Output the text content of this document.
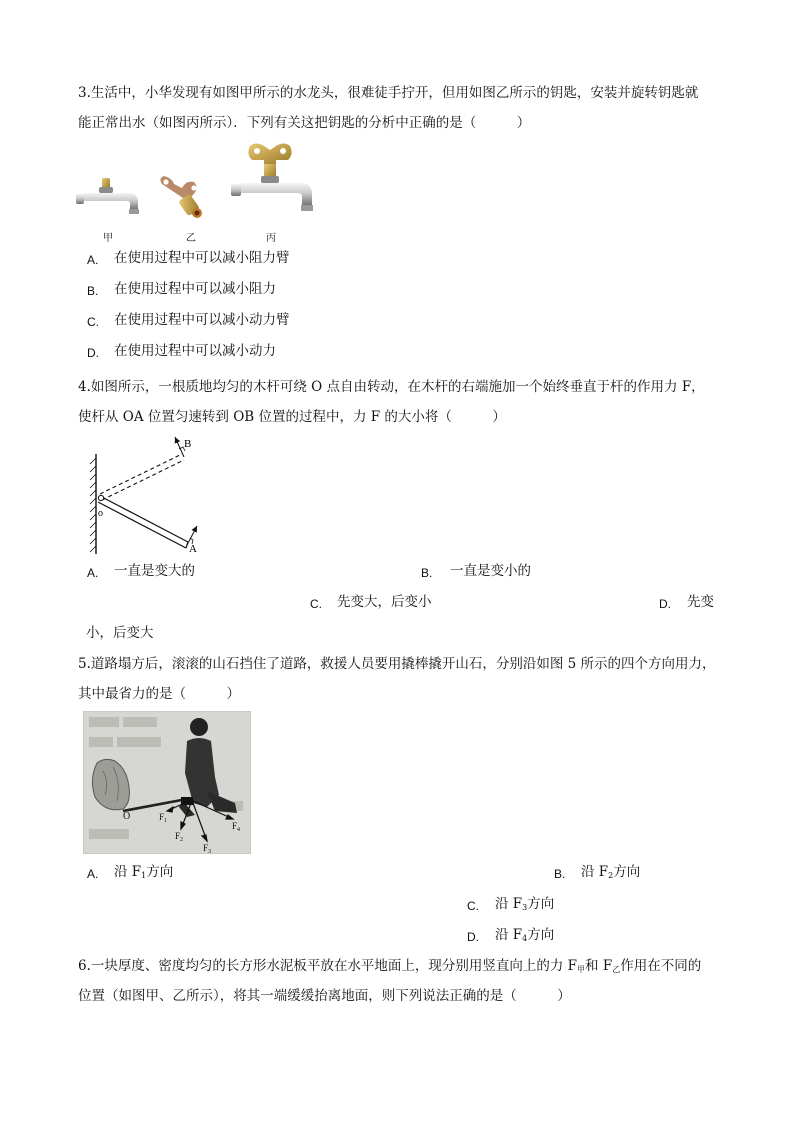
3.生活中，小华发现有如图甲所示的水龙头，很难徒手拧开，但用如图乙所示的钥匙，安装并旋转钥匙就
能正常出水（如图丙所示）．下列有关这把钥匙的分析中正确的是（　　　）
甲	乙	丙
A. 在使用过程中可以减小阻力臂
B. 在使用过程中可以减小阻力
C. 在使用过程中可以减小动力臂
D. 在使用过程中可以减小动力
4.如图所示，一根质地均匀的木杆可绕 O 点自由转动，在木杆的右端施加一个始终垂直于杆的作用力 F，
使杆从 OA 位置匀速转到 OB 位置的过程中，力 F 的大小将（　　　）
B
o
A
A. 一直是变大的	B. 一直是变小的
C. 先变大，后变小	D. 先变
小，后变大
5.道路塌方后，滚滚的山石挡住了道路，救援人员要用撬棒撬开山石，分别沿如图 5 所示的四个方向用力，
其中最省力的是（　　　）
O	$F_1$
$F_2$
$F_3$
$F_4$
A. 沿 $F_1$方向	B. 沿 $F_2$方向
C. 沿 $F_3$方向
D. 沿 $F_4$方向
6.一块厚度、密度均匀的长方形水泥板平放在水平地面上，现分别用竖直向上的力 $F_甲$和 $F_乙$作用在不同的
位置（如图甲、乙所示），将其一端缓缓抬离地面，则下列说法正确的是（　　　）
